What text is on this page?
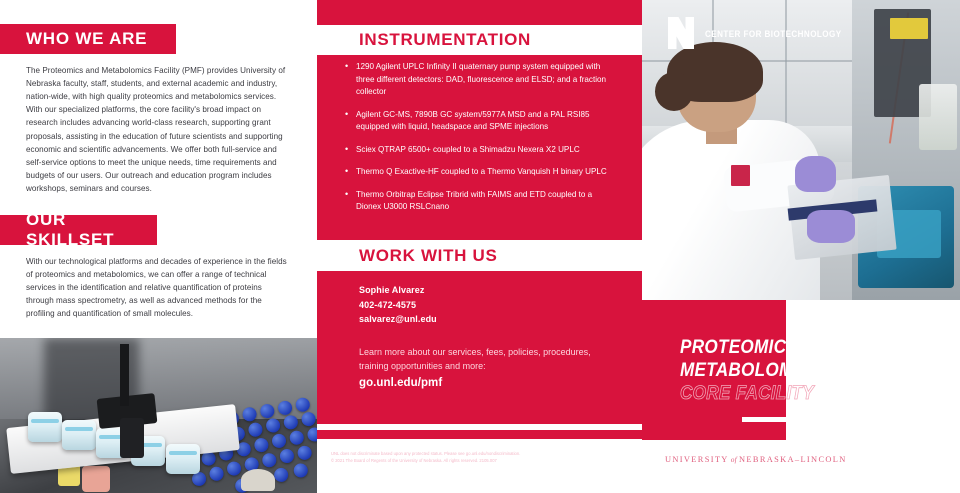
WHO WE ARE
The Proteomics and Metabolomics Facility (PMF) provides University of Nebraska faculty, staff, students, and external academic and industry, nation-wide, with high quality proteomics and metabolomics services. With our specialized platforms, the core facility's broad impact on research includes advancing world-class research, supporting grant proposals, assisting in the education of future scientists and supporting economic and scientific advancements. We offer both full-service and self-service options to meet the unique needs, time requirements and budgets of our users. Our outreach and education program includes workshops, seminars and courses.
OUR SKILLSET
With our technological platforms and decades of experience in the fields of proteomics and metabolomics, we can offer a range of technical services in the identification and relative quantification of proteins through mass spectrometry, as well as advanced methods for the profiling and quantification of small molecules.
INSTRUMENTATION
• 1290 Agilent UPLC Infinity II quaternary pump system equipped with three different detectors: DAD, fluorescence and ELSD; and a fraction collector
• Agilent GC-MS, 7890B GC system/5977A MSD and a PAL RSI85 equipped with liquid, headspace and SPME injections
• Sciex QTRAP 6500+ coupled to a Shimadzu Nexera X2 UPLC
• Thermo Q Exactive-HF coupled to a Thermo Vanquish H binary UPLC
• Thermo Orbitrap Eclipse Tribrid with FAIMS and ETD coupled to a Dionex U3000 RSLCnano
WORK WITH US
Sophie Alvarez
402-472-4575
salvarez@unl.edu
Learn more about our services, fees, policies, procedures, training opportunities and more:
go.unl.edu/pmf
UNL does not discriminate based upon any protected status. Please see go.unl.edu/nondiscrimination.
© 2021 The Board of Regents of the University of Nebraska. All rights reserved. 2105.007
CENTER FOR BIOTECHNOLOGY
PROTEOMICS AND
METABOLOMICS
CORE FACILITY
UNIVERSITY of NEBRASKA–LINCOLN
